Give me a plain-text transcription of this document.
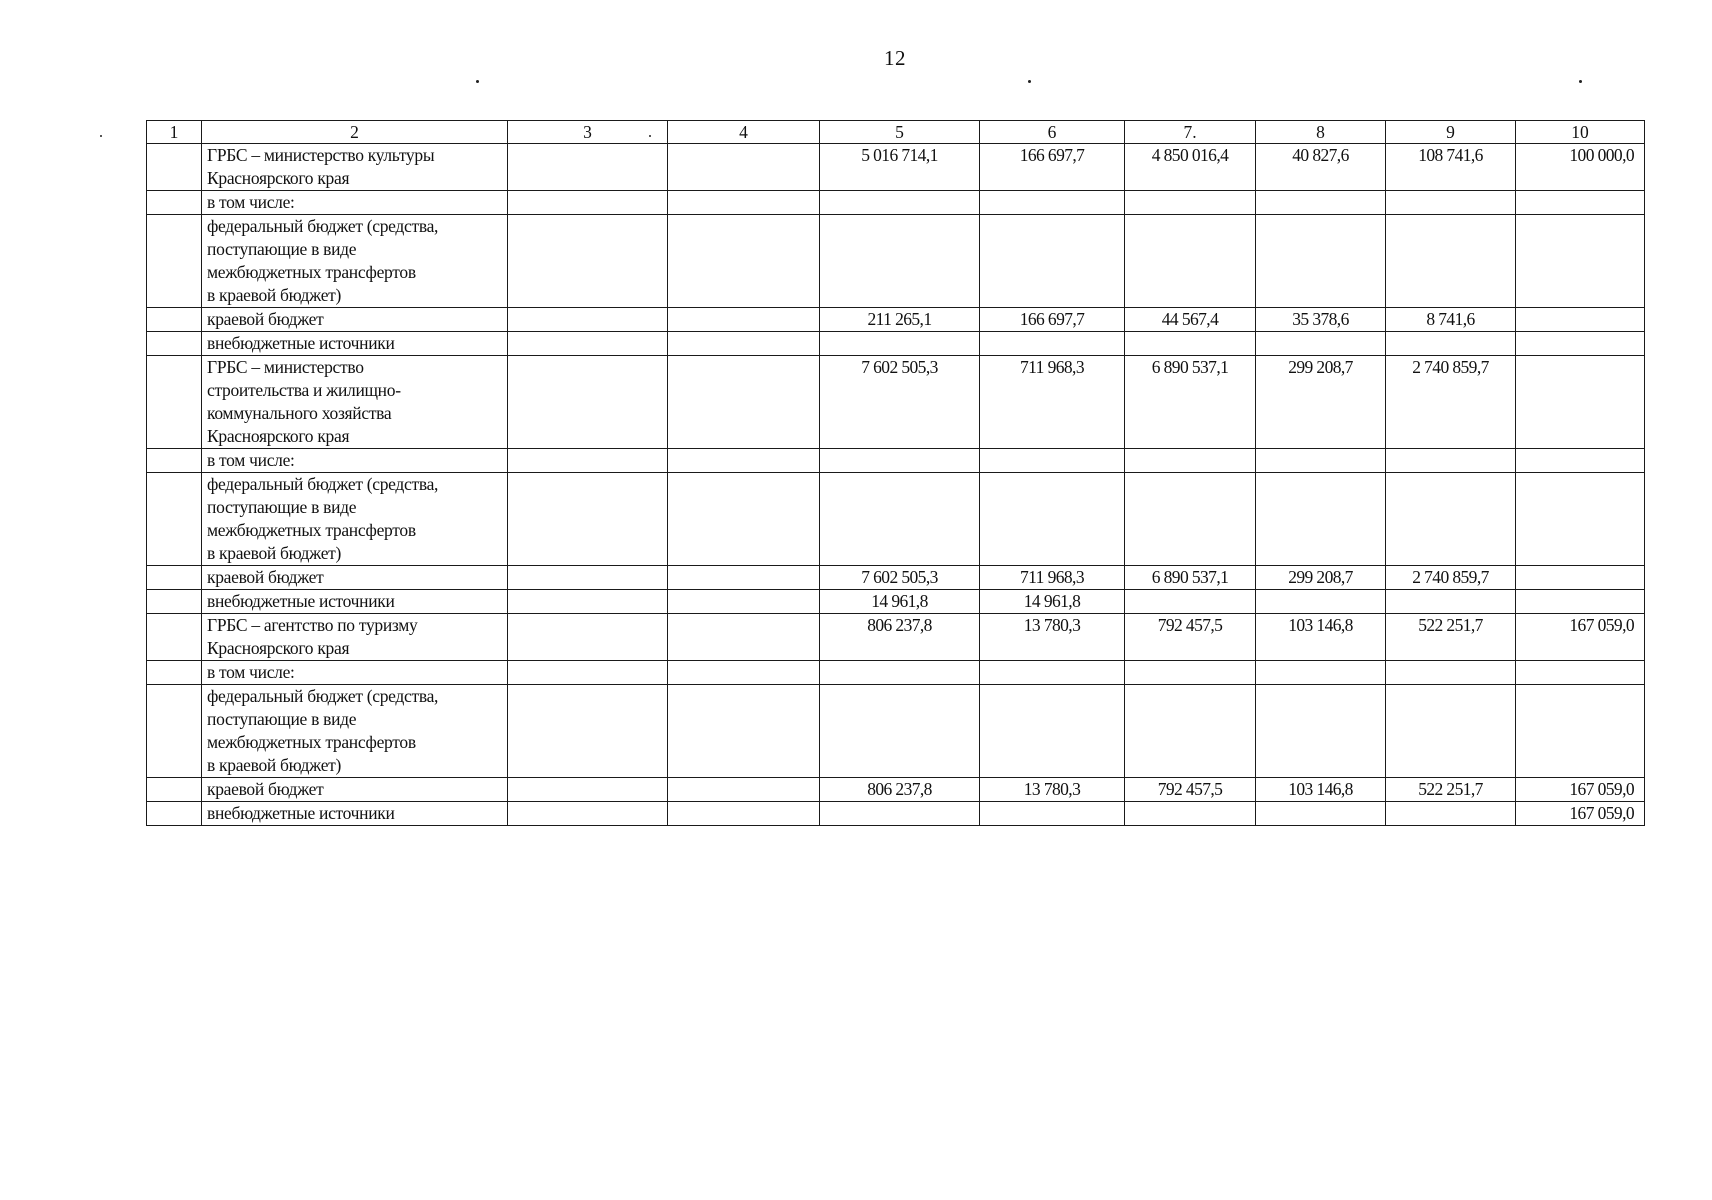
12
1	2	3	4	5	6	7.	8	9	10

	ГРБС – министерство культуры
Красноярского края			5 016 714,1	166 697,7	4 850 016,4	40 827,6	108 741,6	100 000,0

	в том числе:								

	федеральный бюджет (средства,
поступающие в виде
межбюджетных трансфертов
в краевой бюджет)								

	краевой бюджет			211 265,1	166 697,7	44 567,4	35 378,6	8 741,6	

	внебюджетные источники								

	ГРБС – министерство
строительства и жилищно-
коммунального хозяйства
Красноярского края			7 602 505,3	711 968,3	6 890 537,1	299 208,7	2 740 859,7	

	в том числе:								

	федеральный бюджет (средства,
поступающие в виде
межбюджетных трансфертов
в краевой бюджет)								

	краевой бюджет			7 602 505,3	711 968,3	6 890 537,1	299 208,7	2 740 859,7	

	внебюджетные источники			14 961,8	14 961,8				

	ГРБС – агентство по туризму
Красноярского края			806 237,8	13 780,3	792 457,5	103 146,8	522 251,7	167 059,0

	в том числе:								

	федеральный бюджет (средства,
поступающие в виде
межбюджетных трансфертов
в краевой бюджет)								

	краевой бюджет			806 237,8	13 780,3	792 457,5	103 146,8	522 251,7	167 059,0

	внебюджетные источники								167 059,0
